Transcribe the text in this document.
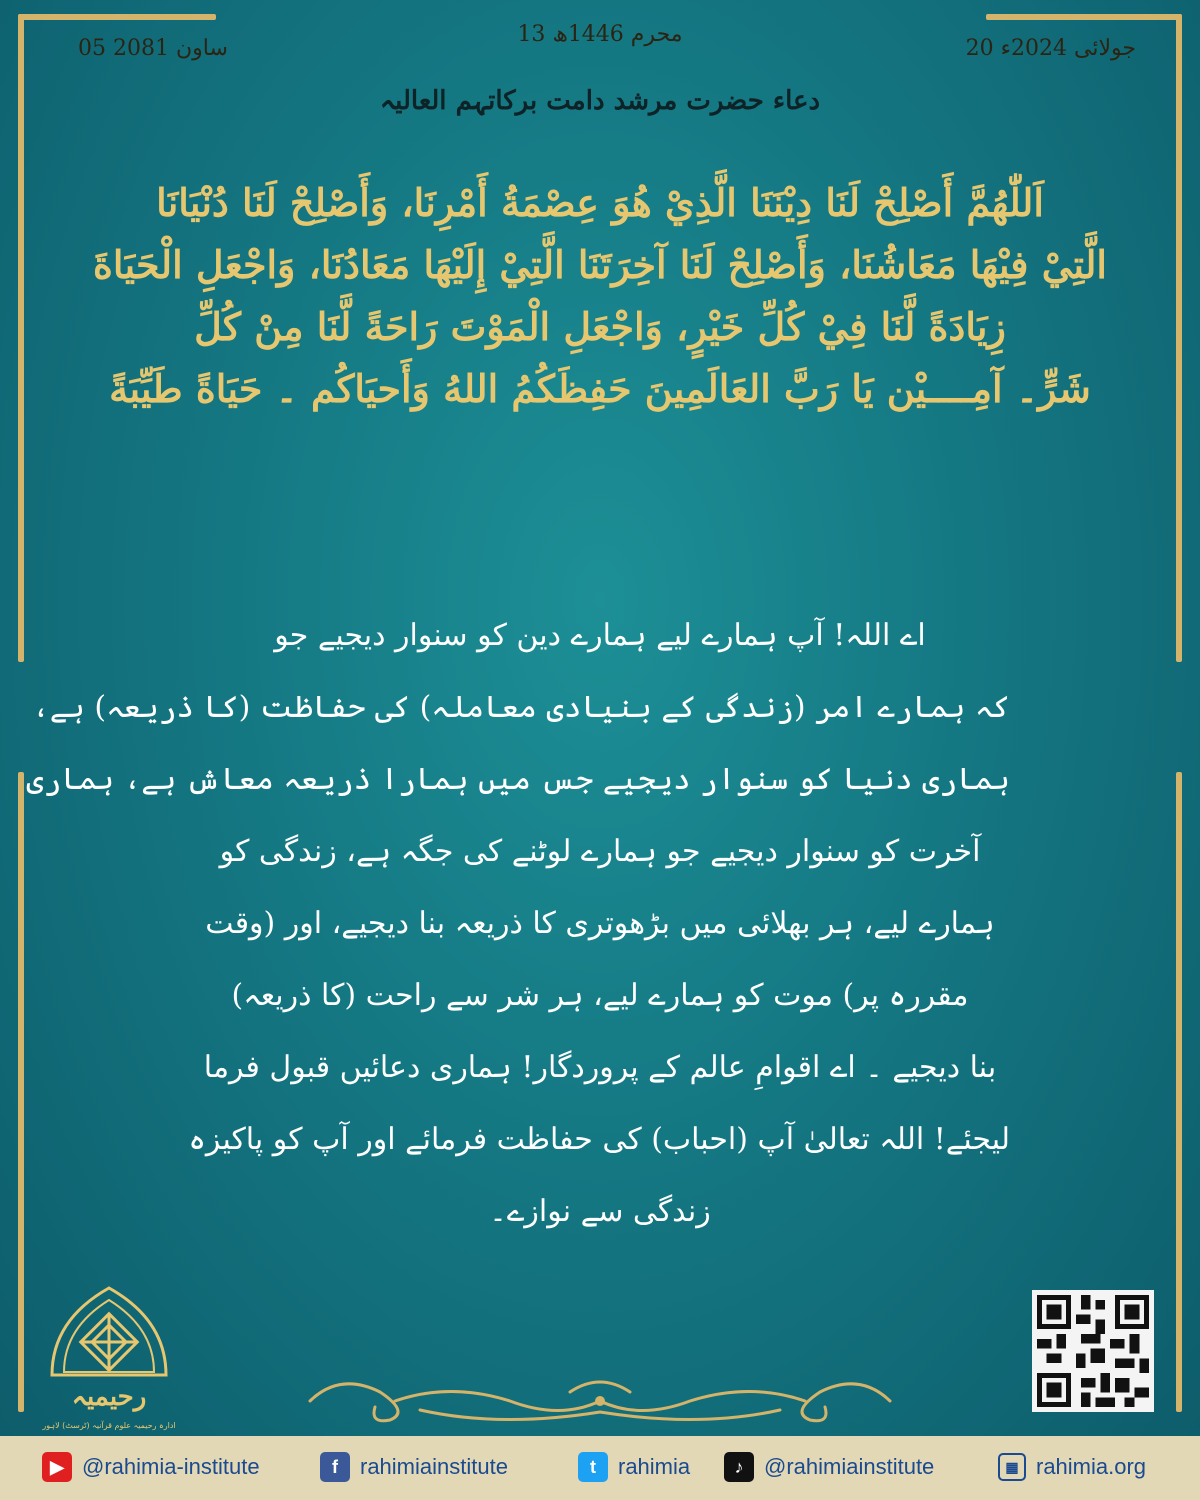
13 محرم 1446ھ
20 جولائی 2024ء
05 ساون 2081
دعاء حضرت مرشد دامت برکاتہم العالیہ
اَللّٰهُمَّ أَصْلِحْ لَنَا دِيْنَنَا الَّذِيْ هُوَ عِصْمَةُ أَمْرِنَا، وَأَصْلِحْ لَنَا دُنْيَانَا
الَّتِيْ فِيْهَا مَعَاشُنَا، وَأَصْلِحْ لَنَا آخِرَتَنَا الَّتِيْ إِلَيْهَا مَعَادُنَا، وَاجْعَلِ الْحَيَاةَ
زِيَادَةً لَّنَا فِيْ كُلِّ خَيْرٍ، وَاجْعَلِ الْمَوْتَ رَاحَةً لَّنَا مِنْ كُلِّ
شَرٍّ۔ آمِــــيْن يَا رَبَّ العَالَمِينَ حَفِظَكُمُ اللهُ وَأَحيَاكُم ۔ حَيَاةً طَيِّبَةً
اے اللہ! آپ ہمارے لیے ہمارے دین کو سنوار دیجیے جو
کہ ہمارے امر (زندگی کے بنیادی معاملہ) کی حفاظت (کا ذریعہ) ہے،
ہماری دنیا کو سنوار دیجیے جس میں ہمارا ذریعہ معاش ہے، ہماری
آخرت کو سنوار دیجیے جو ہمارے لوٹنے کی جگہ ہے، زندگی کو
ہمارے لیے، ہر بھلائی میں بڑھوتری کا ذریعہ بنا دیجیے، اور (وقت
مقررہ پر) موت کو ہمارے لیے، ہر شر سے راحت (کا ذریعہ)
بنا دیجیے ۔ اے اقوامِ عالم کے پروردگار! ہماری دعائیں قبول فرما
لیجئے! اللہ تعالیٰ آپ (احباب) کی حفاظت فرمائے اور آپ کو پاکیزہ
زندگی سے نوازے۔
رحیمیہ
ادارہ رحیمیہ علوم قرآنیہ (ٹرسٹ) لاہور
▶ @rahimia-institute	f	rahimiainstitute	t	rahimia	♪ @rahimiainstitute	▦ rahimia.org
